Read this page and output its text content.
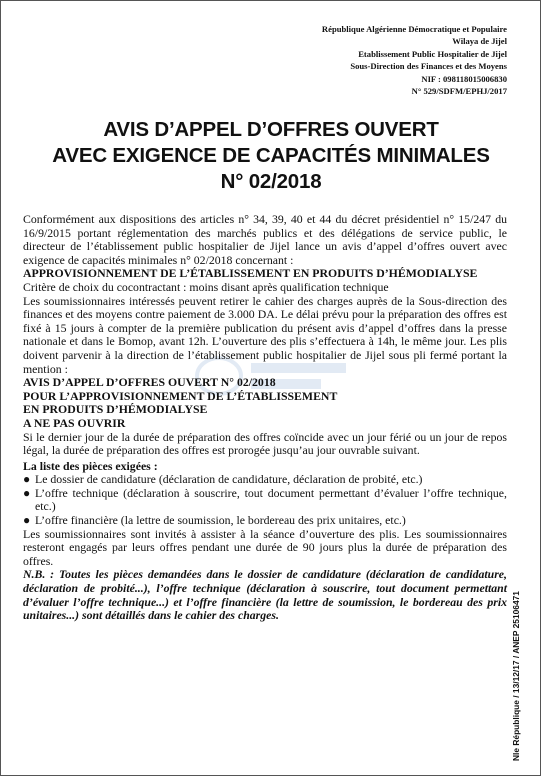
République Algérienne Démocratique et Populaire
Wilaya de Jijel
Etablissement Public Hospitalier de Jijel
Sous-Direction des Finances et des Moyens
NIF : 098118015006830
N° 529/SDFM/EPHJ/2017
AVIS D’APPEL D’OFFRES OUVERT
AVEC EXIGENCE DE CAPACITÉS MINIMALES
N° 02/2018

Conformément aux dispositions des articles n° 34, 39, 40 et 44 du décret présidentiel n° 15/247 du 16/9/2015 portant réglementation des marchés publics et des délégations de service public, le directeur de l’établissement public hospitalier de Jijel lance un avis d’appel d’offres ouvert avec exigence de capacités minimales n° 02/2018 concernant :

APPROVISIONNEMENT DE L’ÉTABLISSEMENT EN PRODUITS D’HÉMODIALYSE

Critère de choix du cocontractant : moins disant après qualification technique

Les soumissionnaires intéressés peuvent retirer le cahier des charges auprès de la Sous-direction des finances et des moyens contre paiement de 3.000 DA. Le délai prévu pour la préparation des offres est fixé à 15 jours à compter de la première publication du présent avis d’appel d’offres dans la presse nationale et dans le Bomop, avant 12h. L’ouverture des plis s’effectuera à 14h, le même jour. Les plis doivent parvenir à la direction de l’établissement public hospitalier de Jijel sous pli fermé portant la mention :

AVIS D’APPEL D’OFFRES OUVERT N° 02/2018

POUR L’APPROVISIONNEMENT DE L’ÉTABLISSEMENT

EN PRODUITS D’HÉMODIALYSE

A NE PAS OUVRIR

Si le dernier jour de la durée de préparation des offres coïncide avec un jour férié ou un jour de repos légal, la durée de préparation des offres est prorogée jusqu’au jour ouvrable suivant.

La liste des pièces exigées :

● Le dossier de candidature (déclaration de candidature, déclaration de probité, etc.)
● L’offre technique (déclaration à souscrire, tout document permettant d’évaluer l’offre technique, etc.)
● L’offre financière (la lettre de soumission, le bordereau des prix unitaires, etc.)

Les soumissionnaires sont invités à assister à la séance d’ouverture des plis. Les soumissionnaires resteront engagés par leurs offres pendant une durée de 90 jours plus la durée de préparation des offres.

N.B. : Toutes les pièces demandées dans le dossier de candidature (déclaration de candidature, déclaration de probité...), l’offre technique (déclaration à souscrire, tout document permettant d’évaluer l’offre technique...) et l’offre financière (la lettre de soumission, le bordereau des prix unitaires...) sont détaillés dans le cahier des charges.	Nle République / 13/12/17 / ANEP 25106471
